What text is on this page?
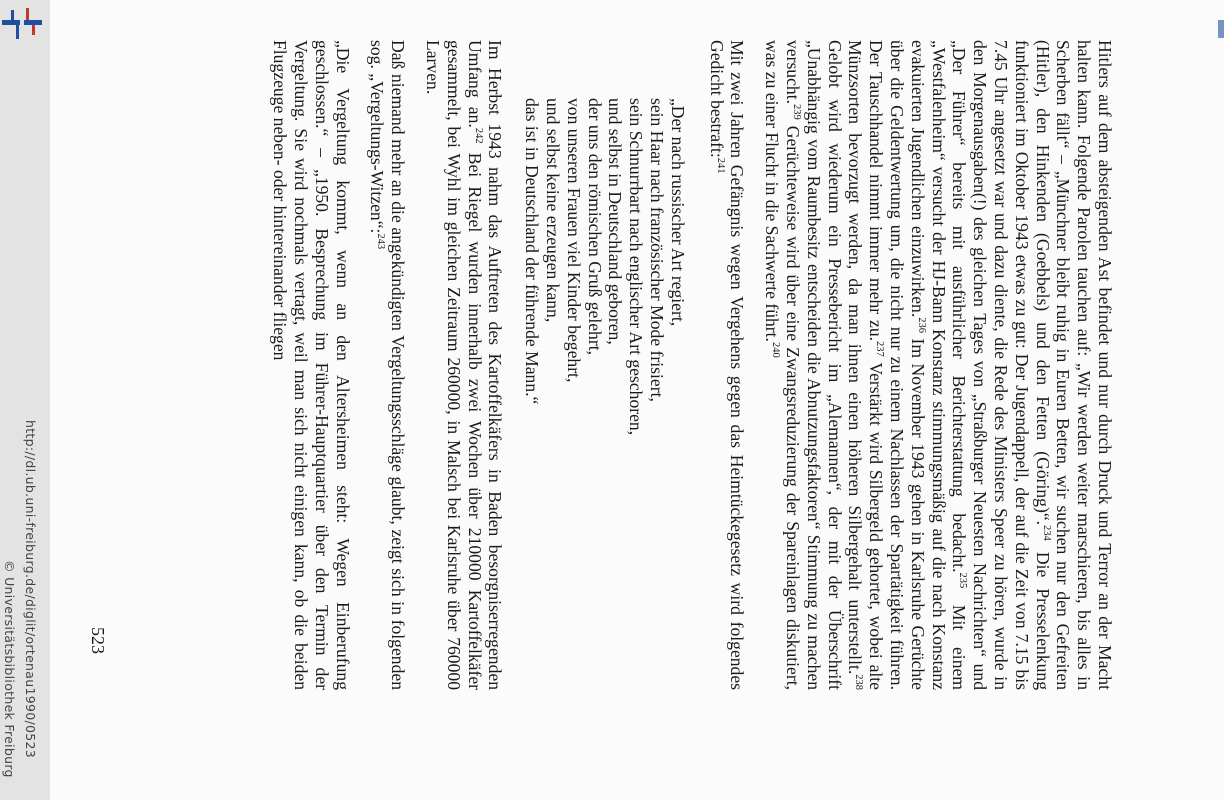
http://dl.ub.uni-freiburg.de/diglit/ortenau1990/0523
© Universitätsbibliothek Freiburg	Hitlers auf dem absteigenden Ast befindet und nur durch Druck und Terror an der Macht halten kann. Folgende Parolen tauchen auf: „Wir werden weiter marschieren, bis alles in Scherben fällt“ – „Münchner bleibt ruhig in Euren Betten, wir suchen nur den Gefreiten (Hitler), den Hinkenden (Goebbels) und den Fetten (Göring)“.$^{234}$ Die Presselenkung funktioniert im Oktober 1943 etwas zu gut: Der Jugendappell, der auf die Zeit von 7.15 bis 7.45 Uhr angesetzt war und dazu diente, die Rede des Ministers Speer zu hören, wurde in den Morgenausgaben(!) des gleichen Tages von „Straßburger Neuesten Nachrichten“ und „Der Führer“ bereits mit ausführlicher Berichterstattung bedacht.$^{235}$ Mit einem „Westfalenheim“ versucht der HJ-Bann Konstanz stimmungsmäßig auf die nach Konstanz evakuierten Jugendlichen einzuwirken.$^{236}$ Im November 1943 gehen in Karlsruhe Gerüchte über die Geldentwertung um, die nicht nur zu einem Nachlassen der Spartätigkeit führen. Der Tauschhandel nimmt immer mehr zu.$^{237}$ Verstärkt wird Silbergeld gehortet, wobei alte Münzsorten bevorzugt werden, da man ihnen einen höheren Silbergehalt unterstellt.$^{238}$ Gelobt wird wiederum ein Pressebericht im „Alemannen“, der mit der Überschrift „Unabhängig vom Raumbesitz entscheiden die Abnutzungsfaktoren“ Stimmung zu machen versucht.$^{239}$ Gerüchteweise wird über eine Zwangsreduzierung der Spareinlagen diskutiert, was zu einer Flucht in die Sachwerte führt.$^{240}$

Mit zwei Jahren Gefängnis wegen Vergehens gegen das Heimtückegesetz wird folgendes Gedicht bestraft:$^{241}$

„Der nach russischer Art regiert,
sein Haar nach französischer Mode frisiert,
sein Schnurrbart nach englischer Art geschoren,
und selbst in Deutschland geboren,
der uns den römischen Gruß gelehrt,
von unseren Frauen viel Kinder begehrt,
und selbst keine erzeugen kann,
das ist in Deutschland der führende Mann.“

Im Herbst 1943 nahm das Auftreten des Kartoffelkäfers in Baden besorgniserregenden Umfang an.$^{242}$ Bei Riegel wurden innerhalb zwei Wochen über 210000 Kartoffelkäfer gesammelt, bei Wyhl im gleichen Zeitraum 260000, in Malsch bei Karlsruhe über 760000 Larven.

Daß niemand mehr an die angekündigten Vergeltungsschläge glaubt, zeigt sich in folgenden sog. „Vergeltungs-Witzen“:$^{243}$

„Die Vergeltung kommt, wenn an den Altersheimen steht: Wegen Einberufung geschlossen.“ – „1950. Besprechung im Führer-Hauptquartier über den Termin der Vergeltung. Sie wird nochmals vertagt, weil man sich nicht einigen kann, ob die beiden Flugzeuge neben- oder hintereinander fliegen

523
